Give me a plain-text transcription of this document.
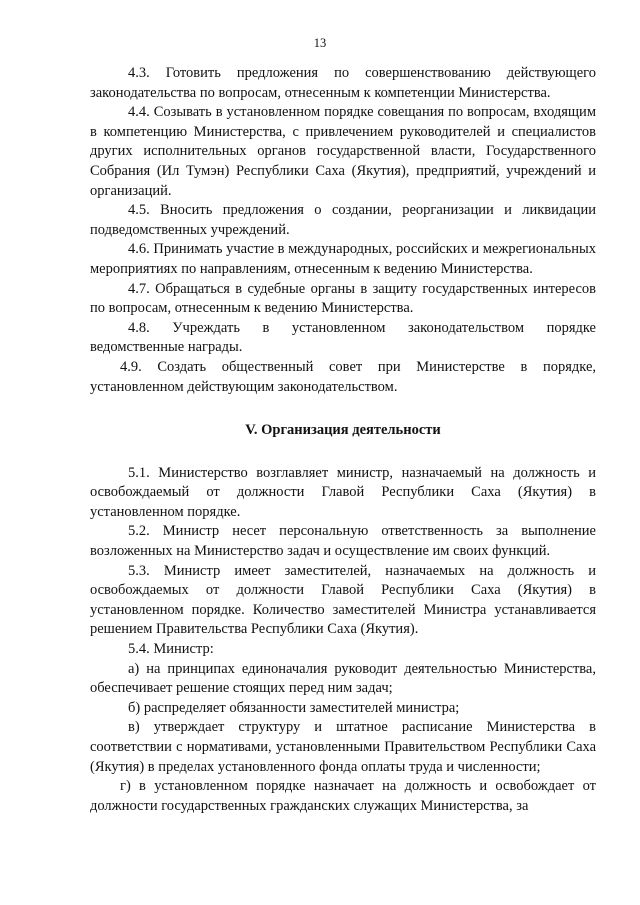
13

4.3. Готовить предложения по совершенствованию действующего законодательства по вопросам, отнесенным к компетенции Министерства.

4.4. Созывать в установленном порядке совещания по вопросам, входящим в компетенцию Министерства, с привлечением руководителей и специалистов других исполнительных органов государственной власти, Государственного Собрания (Ил Тумэн) Республики Саха (Якутия), предприятий, учреждений и организаций.

4.5. Вносить предложения о создании, реорганизации и ликвидации подведомственных учреждений.

4.6. Принимать участие в международных, российских и межрегиональных мероприятиях по направлениям, отнесенным к ведению Министерства.

4.7. Обращаться в судебные органы в защиту государственных интересов по вопросам, отнесенным к ведению Министерства.

4.8. Учреждать в установленном законодательством порядке ведомственные награды.

4.9. Создать общественный совет при Министерстве в порядке, установленном действующим законодательством.

V. Организация деятельности

5.1. Министерство возглавляет министр, назначаемый на должность и освобождаемый от должности Главой Республики Саха (Якутия) в установленном порядке.

5.2. Министр несет персональную ответственность за выполнение возложенных на Министерство задач и осуществление им своих функций.

5.3. Министр имеет заместителей, назначаемых на должность и освобождаемых от должности Главой Республики Саха (Якутия) в установленном порядке. Количество заместителей Министра устанавливается решением Правительства Республики Саха (Якутия).

5.4. Министр:

а) на принципах единоначалия руководит деятельностью Министерства, обеспечивает решение стоящих перед ним задач;

б) распределяет обязанности заместителей министра;

в) утверждает структуру и штатное расписание Министерства в соответствии с нормативами, установленными Правительством Республики Саха (Якутия) в пределах установленного фонда оплаты труда и численности;

г) в установленном порядке назначает на должность и освобождает от должности государственных гражданских служащих Министерства, за
